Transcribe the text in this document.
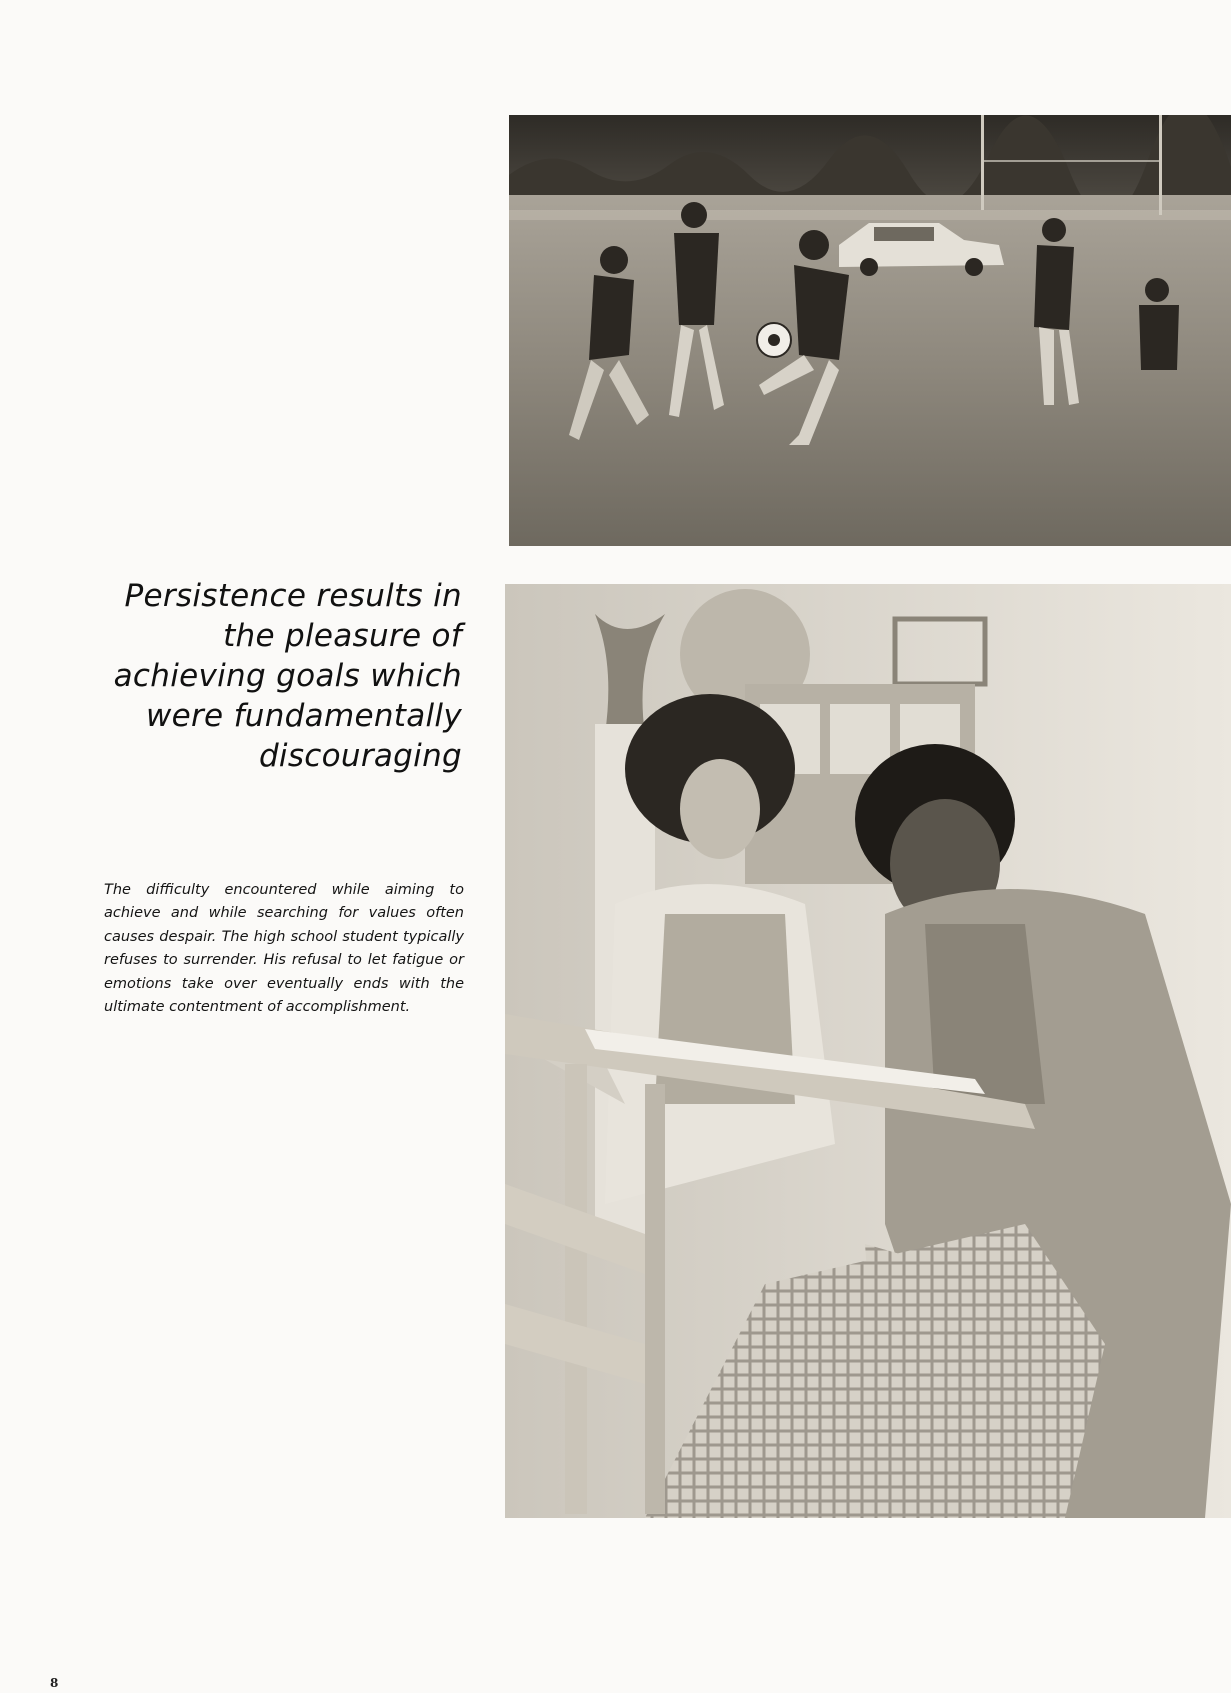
Persistence results in the pleasure of achieving goals which were fundamentally discouraging

The difficulty encountered while aiming to achieve and while searching for values often causes despair. The high school student typically refuses to surrender. His refusal to let fatigue or emotions take over eventually ends with the ultimate contentment of accomplishment.

8
